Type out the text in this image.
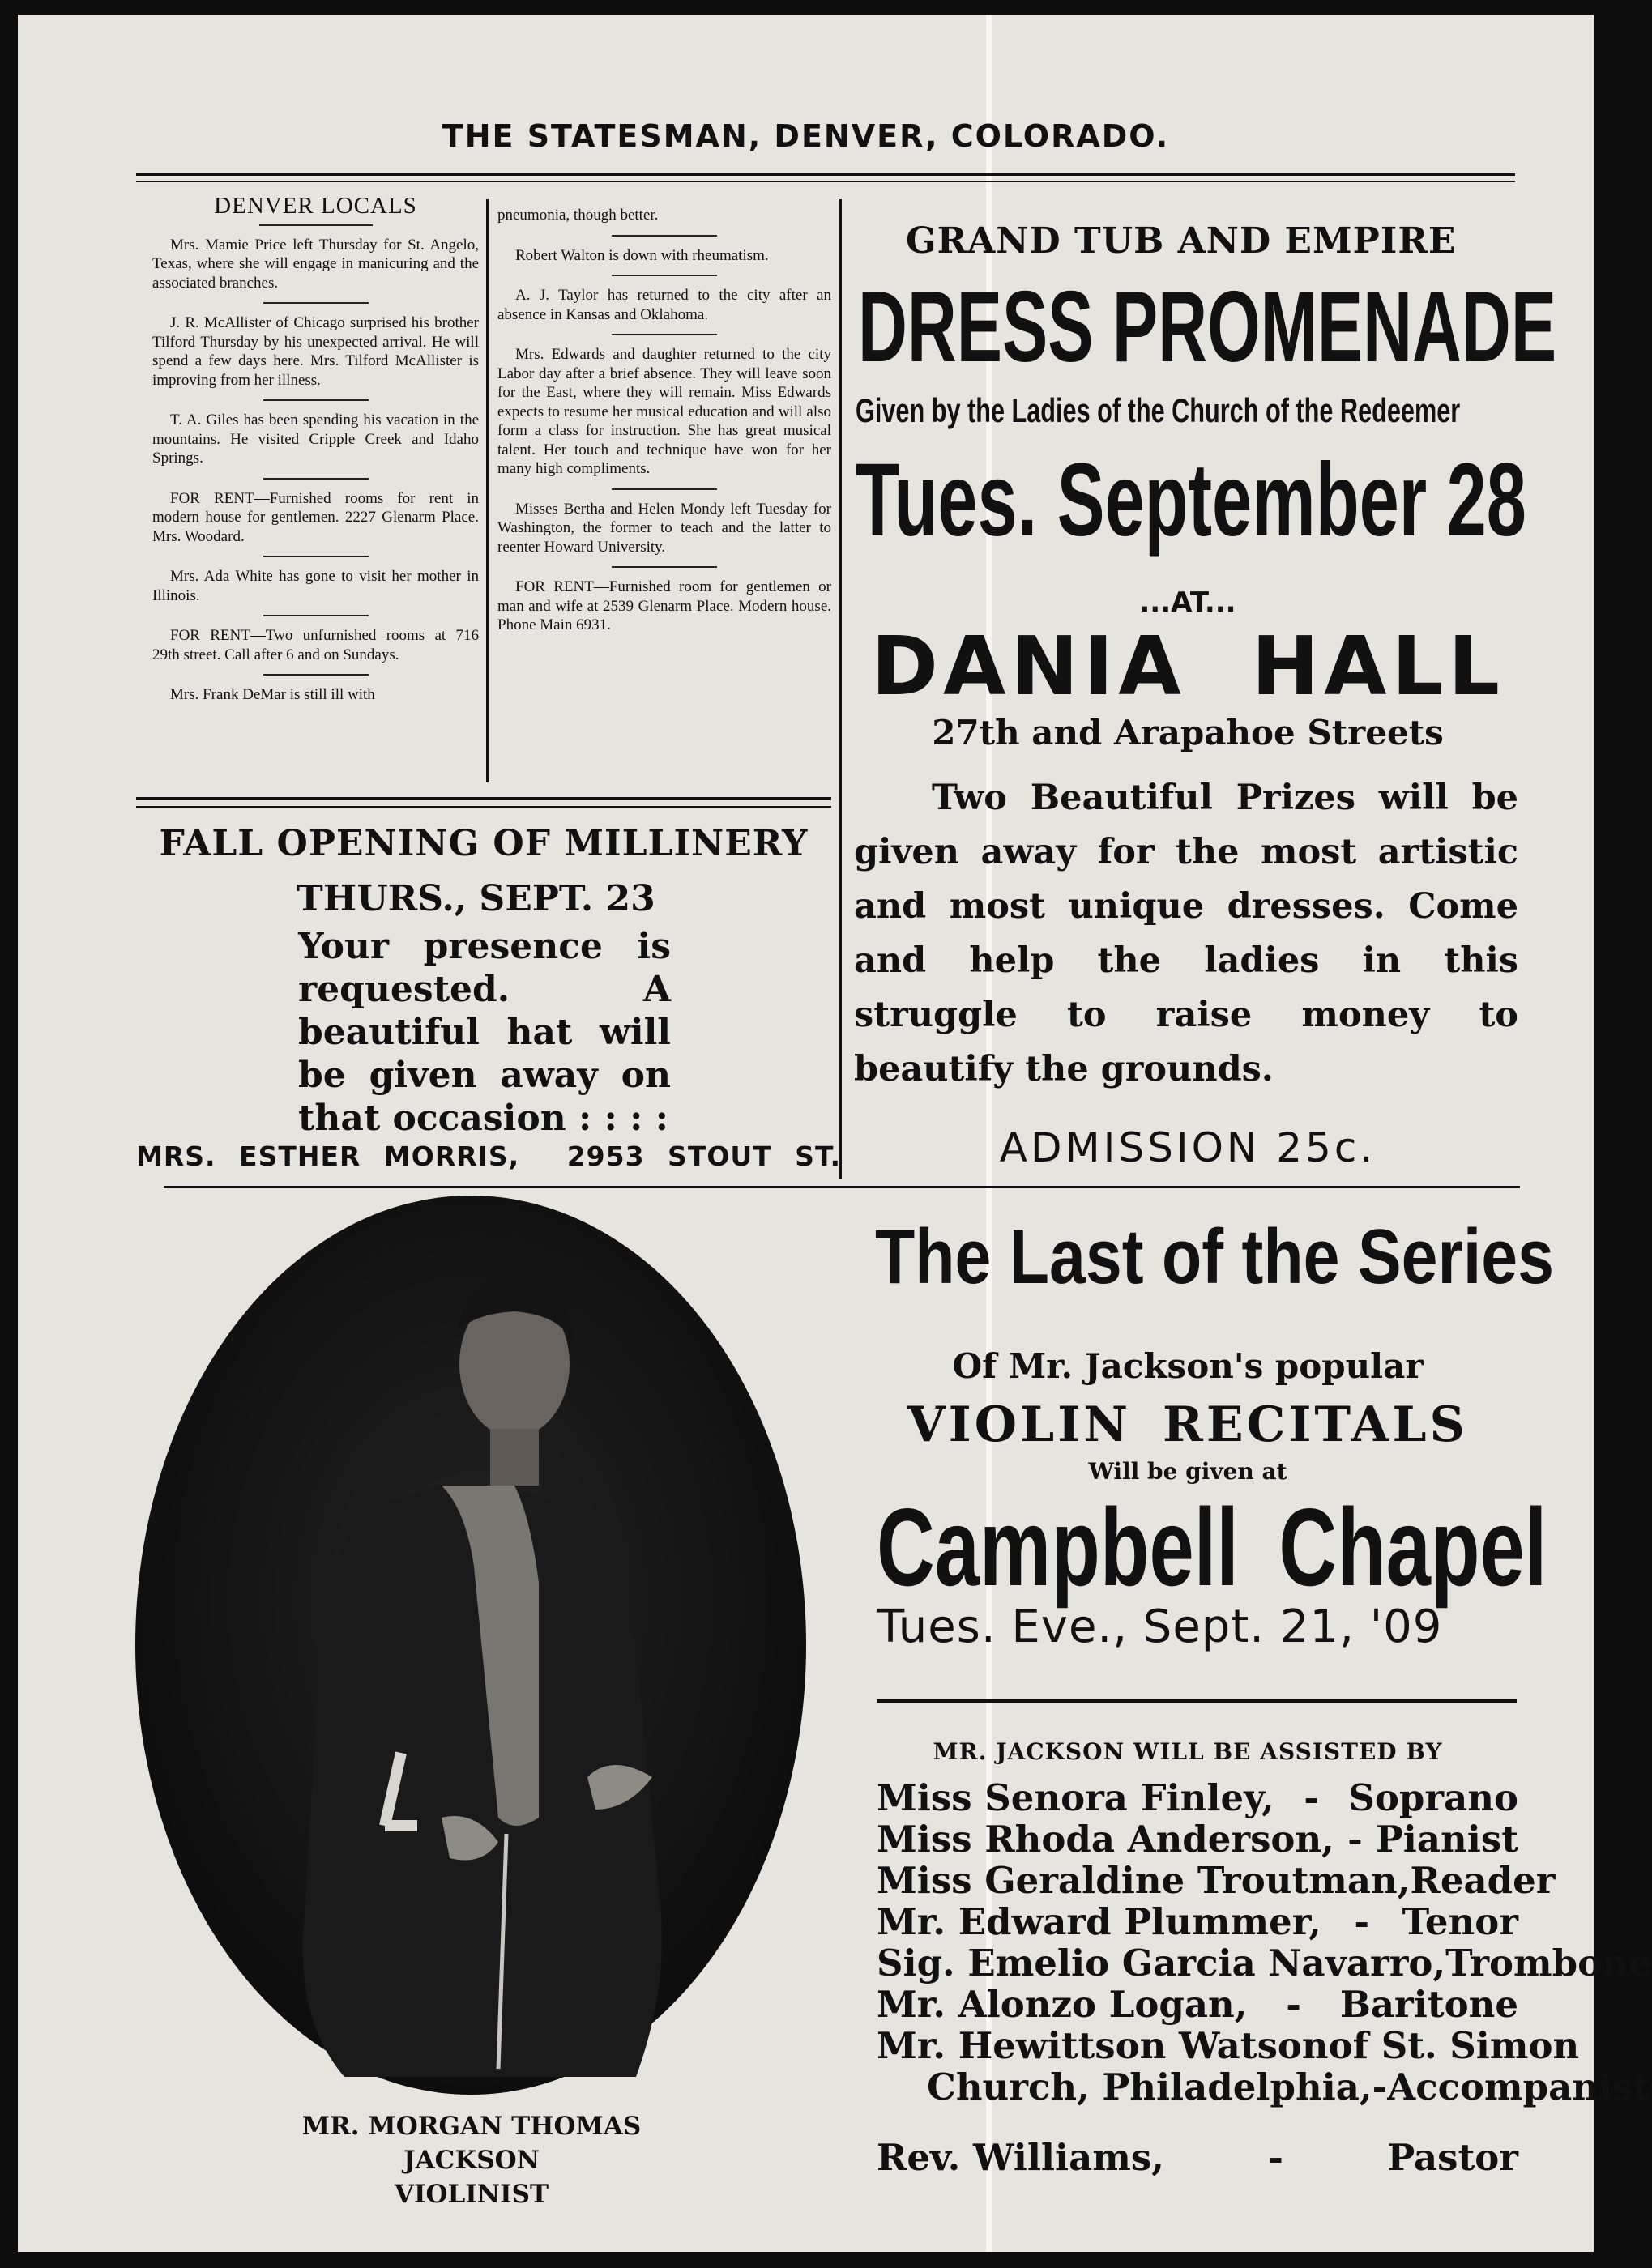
THE STATESMAN, DENVER, COLORADO.
DENVER LOCALS

Mrs. Mamie Price left Thursday for St. Angelo, Texas, where she will engage in manicuring and the associated branches.

J. R. McAllister of Chicago surprised his brother Tilford Thursday by his unexpected arrival. He will spend a few days here. Mrs. Tilford McAllister is improving from her illness.

T. A. Giles has been spending his vacation in the mountains. He visited Cripple Creek and Idaho Springs.

FOR RENT—Furnished rooms for rent in modern house for gentlemen. 2227 Glenarm Place. Mrs. Woodard.

Mrs. Ada White has gone to visit her mother in Illinois.

FOR RENT—Two unfurnished rooms at 716 29th street. Call after 6 and on Sundays.

Mrs. Frank DeMar is still ill with

pneumonia, though better.

Robert Walton is down with rheumatism.

A. J. Taylor has returned to the city after an absence in Kansas and Oklahoma.

Mrs. Edwards and daughter returned to the city Labor day after a brief absence. They will leave soon for the East, where they will remain. Miss Edwards expects to resume her musical education and will also form a class for instruction. She has great musical talent. Her touch and technique have won for her many high compliments.

Misses Bertha and Helen Mondy left Tuesday for Washington, the former to teach and the latter to reenter Howard University.

FOR RENT—Furnished room for gentlemen or man and wife at 2539 Glenarm Place. Modern house. Phone Main 6931.

FALL OPENING OF MILLINERY
THURS., SEPT. 23
Your presence is requested. A beautiful hat will be given away on that occasion : : : :
MRS. ESTHER MORRIS, 2953 STOUT ST.
GRAND TUB AND EMPIRE
DRESS PROMENADE
Given by the Ladies of the Church of the Redeemer
Tues. September 28
...AT...
DANIA HALL
27th and Arapahoe Streets
Two Beautiful Prizes will be given away for the most artistic and most unique dresses. Come and help the ladies in this struggle to raise money to beautify the grounds.
ADMISSION 25c.
MR. MORGAN THOMAS JACKSON
VIOLINIST
The Last of the Series
Of Mr. Jackson's popular
VIOLIN RECITALS
Will be given at
Campbell Chapel
Tues. Eve., Sept. 21, '09
MR. JACKSON WILL BE ASSISTED BY
Miss Senora Finley, - Soprano
Miss Rhoda Anderson, - Pianist
Miss Geraldine Troutman, Reader
Mr. Edward Plummer, - Tenor
Sig. Emelio Garcia Navarro, Trombone
Mr. Alonzo Logan, - Baritone
Mr. Hewittson Watson of St. Simon
Church, Philadelphia, - Accompanist
Rev. Williams,	-	Pastor
